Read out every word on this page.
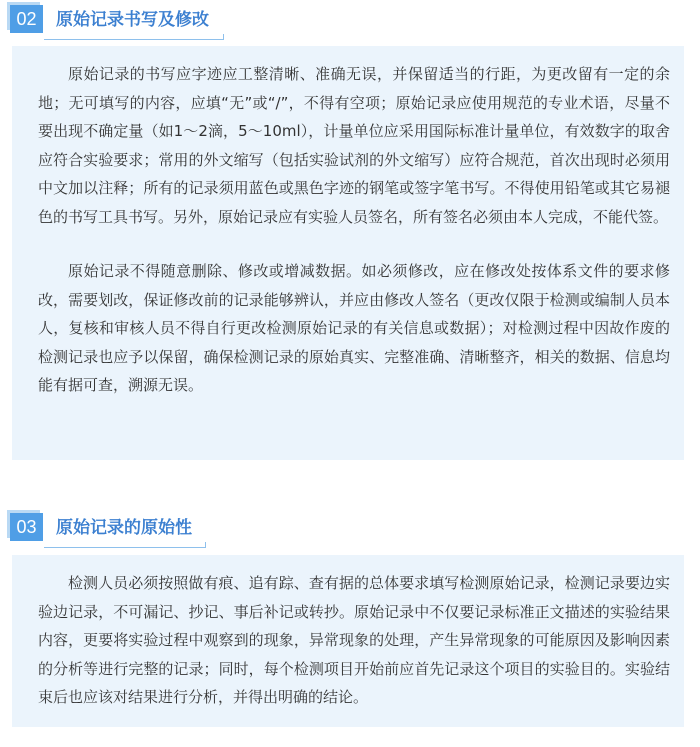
02	原始记录书写及修改

原始记录的书写应字迹应工整清晰、准确无误，并保留适当的行距，为更改留有一定的余地；无可填写的内容，应填“无”或“/”，不得有空项；原始记录应使用规范的专业术语，尽量不要出现不确定量（如1～2滴，5～10ml），计量单位应采用国际标准计量单位，有效数字的取舍应符合实验要求；常用的外文缩写（包括实验试剂的外文缩写）应符合规范，首次出现时必须用中文加以注释；所有的记录须用蓝色或黑色字迹的钢笔或签字笔书写。不得使用铅笔或其它易褪色的书写工具书写。另外，原始记录应有实验人员签名，所有签名必须由本人完成，不能代签。

原始记录不得随意删除、修改或增减数据。如必须修改，应在修改处按体系文件的要求修改，需要划改，保证修改前的记录能够辨认，并应由修改人签名（更改仅限于检测或编制人员本人，复核和审核人员不得自行更改检测原始记录的有关信息或数据）；对检测过程中因故作废的检测记录也应予以保留，确保检测记录的原始真实、完整准确、清晰整齐，相关的数据、信息均能有据可查，溯源无误。

03	原始记录的原始性

检测人员必须按照做有痕、追有踪、查有据的总体要求填写检测原始记录，检测记录要边实验边记录，不可漏记、抄记、事后补记或转抄。原始记录中不仅要记录标准正文描述的实验结果内容，更要将实验过程中观察到的现象，异常现象的处理，产生异常现象的可能原因及影响因素的分析等进行完整的记录；同时，每个检测项目开始前应首先记录这个项目的实验目的。实验结束后也应该对结果进行分析，并得出明确的结论。
